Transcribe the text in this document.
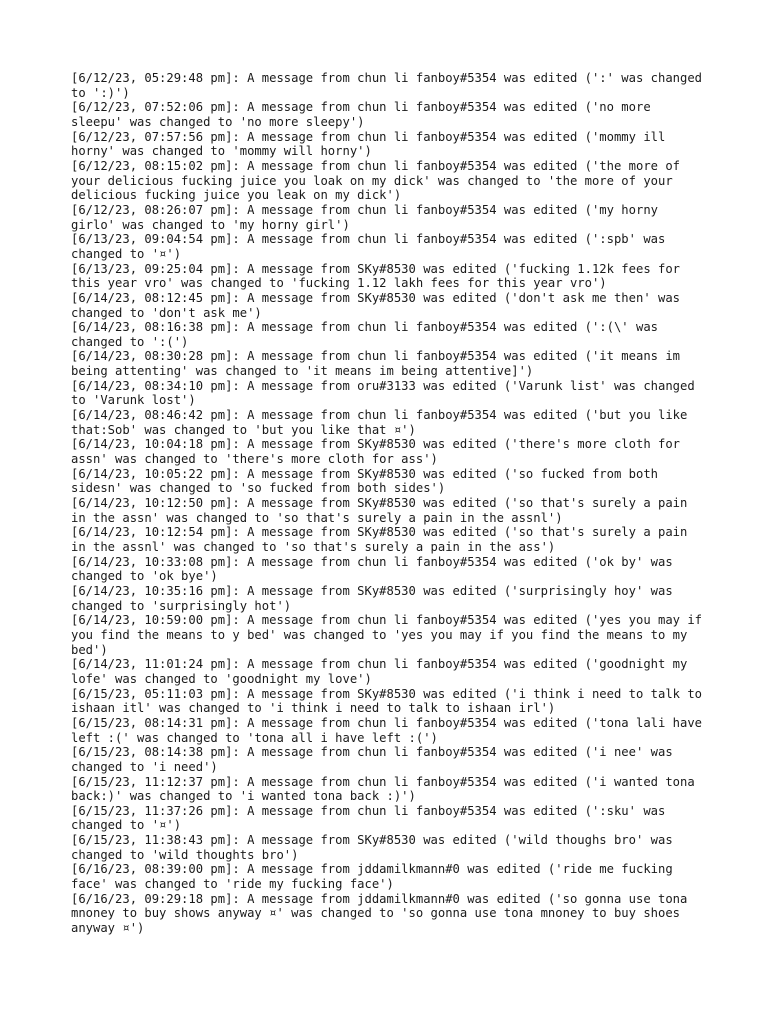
[6/12/23, 05:29:48 pm]: A message from chun li fanboy#5354 was edited (':' was changed to ':)')
[6/12/23, 07:52:06 pm]: A message from chun li fanboy#5354 was edited ('no more sleepu' was changed to 'no more sleepy')
[6/12/23, 07:57:56 pm]: A message from chun li fanboy#5354 was edited ('mommy ill horny' was changed to 'mommy will horny')
[6/12/23, 08:15:02 pm]: A message from chun li fanboy#5354 was edited ('the more of your delicious fucking juice you loak on my dick' was changed to 'the more of your delicious fucking juice you leak on my dick')
[6/12/23, 08:26:07 pm]: A message from chun li fanboy#5354 was edited ('my horny girlo' was changed to 'my horny girl')
[6/13/23, 09:04:54 pm]: A message from chun li fanboy#5354 was edited (':spb' was changed to '¤')
[6/13/23, 09:25:04 pm]: A message from SKy#8530 was edited ('fucking 1.12k fees for this year vro' was changed to 'fucking 1.12 lakh fees for this year vro')
[6/14/23, 08:12:45 pm]: A message from SKy#8530 was edited ('don't ask me then' was changed to 'don't ask me')
[6/14/23, 08:16:38 pm]: A message from chun li fanboy#5354 was edited (':(\' was changed to ':(')
[6/14/23, 08:30:28 pm]: A message from chun li fanboy#5354 was edited ('it means im being attenting' was changed to 'it means im being attentive]')
[6/14/23, 08:34:10 pm]: A message from oru#3133 was edited ('Varunk list' was changed to 'Varunk lost')
[6/14/23, 08:46:42 pm]: A message from chun li fanboy#5354 was edited ('but you like that:Sob' was changed to 'but you like that ¤')
[6/14/23, 10:04:18 pm]: A message from SKy#8530 was edited ('there's more cloth for assn' was changed to 'there's more cloth for ass')
[6/14/23, 10:05:22 pm]: A message from SKy#8530 was edited ('so fucked from both sidesn' was changed to 'so fucked from both sides')
[6/14/23, 10:12:50 pm]: A message from SKy#8530 was edited ('so that's surely a pain in the assn' was changed to 'so that's surely a pain in the assnl')
[6/14/23, 10:12:54 pm]: A message from SKy#8530 was edited ('so that's surely a pain in the assnl' was changed to 'so that's surely a pain in the ass')
[6/14/23, 10:33:08 pm]: A message from chun li fanboy#5354 was edited ('ok by' was changed to 'ok bye')
[6/14/23, 10:35:16 pm]: A message from SKy#8530 was edited ('surprisingly hoy' was changed to 'surprisingly hot')
[6/14/23, 10:59:00 pm]: A message from chun li fanboy#5354 was edited ('yes you may if you find the means to y bed' was changed to 'yes you may if you find the means to my bed')
[6/14/23, 11:01:24 pm]: A message from chun li fanboy#5354 was edited ('goodnight my lofe' was changed to 'goodnight my love')
[6/15/23, 05:11:03 pm]: A message from SKy#8530 was edited ('i think i need to talk to ishaan itl' was changed to 'i think i need to talk to ishaan irl')
[6/15/23, 08:14:31 pm]: A message from chun li fanboy#5354 was edited ('tona lali have left :(' was changed to 'tona all i have left :(')
[6/15/23, 08:14:38 pm]: A message from chun li fanboy#5354 was edited ('i nee' was changed to 'i need')
[6/15/23, 11:12:37 pm]: A message from chun li fanboy#5354 was edited ('i wanted tona back:)' was changed to 'i wanted tona back :)')
[6/15/23, 11:37:26 pm]: A message from chun li fanboy#5354 was edited (':sku' was changed to '¤')
[6/15/23, 11:38:43 pm]: A message from SKy#8530 was edited ('wild thoughs bro' was changed to 'wild thoughts bro')
[6/16/23, 08:39:00 pm]: A message from jddamilkmann#0 was edited ('ride me fucking face' was changed to 'ride my fucking face')
[6/16/23, 09:29:18 pm]: A message from jddamilkmann#0 was edited ('so gonna use tona mnoney to buy shows anyway ¤' was changed to 'so gonna use tona mnoney to buy shoes anyway ¤')
